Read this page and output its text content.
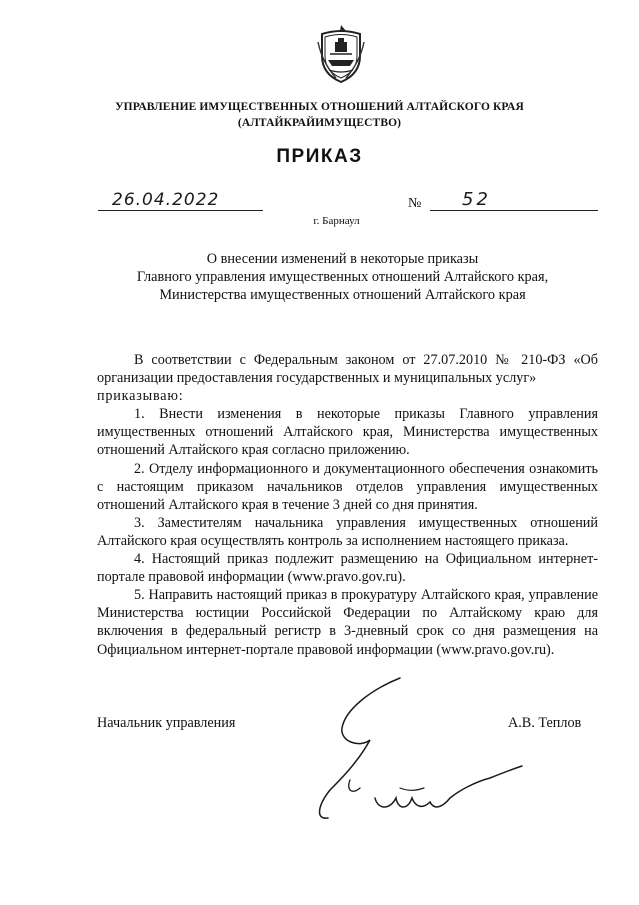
УПРАВЛЕНИЕ ИМУЩЕСТВЕННЫХ ОТНОШЕНИЙ АЛТАЙСКОГО КРАЯ
(АЛТАЙКРАЙИМУЩЕСТВО)
ПРИКАЗ
26.04.2022	№ 52
г. Барнаул
О внесении изменений в некоторые приказы
Главного управления имущественных отношений Алтайского края,
Министерства имущественных отношений Алтайского края
В соответствии с Федеральным законом от 27.07.2010 № 210-ФЗ «Об организации предоставления государственных и муниципальных услуг»
приказываю:
1. Внести изменения в некоторые приказы Главного управления имущественных отношений Алтайского края, Министерства имущественных отношений Алтайского края согласно приложению.
2. Отделу информационного и документационного обеспечения ознакомить с настоящим приказом начальников отделов управления имущественных отношений Алтайского края в течение 3 дней со дня принятия.
3. Заместителям начальника управления имущественных отношений Алтайского края осуществлять контроль за исполнением настоящего приказа.
4. Настоящий приказ подлежит размещению на Официальном интернет-портале правовой информации (www.pravo.gov.ru).
5. Направить настоящий приказ в прокуратуру Алтайского края, управление Министерства юстиции Российской Федерации по Алтайскому краю для включения в федеральный регистр в 3-дневный срок со дня размещения на Официальном интернет-портале правовой информации (www.pravo.gov.ru).
Начальник управления	А.В. Теплов
